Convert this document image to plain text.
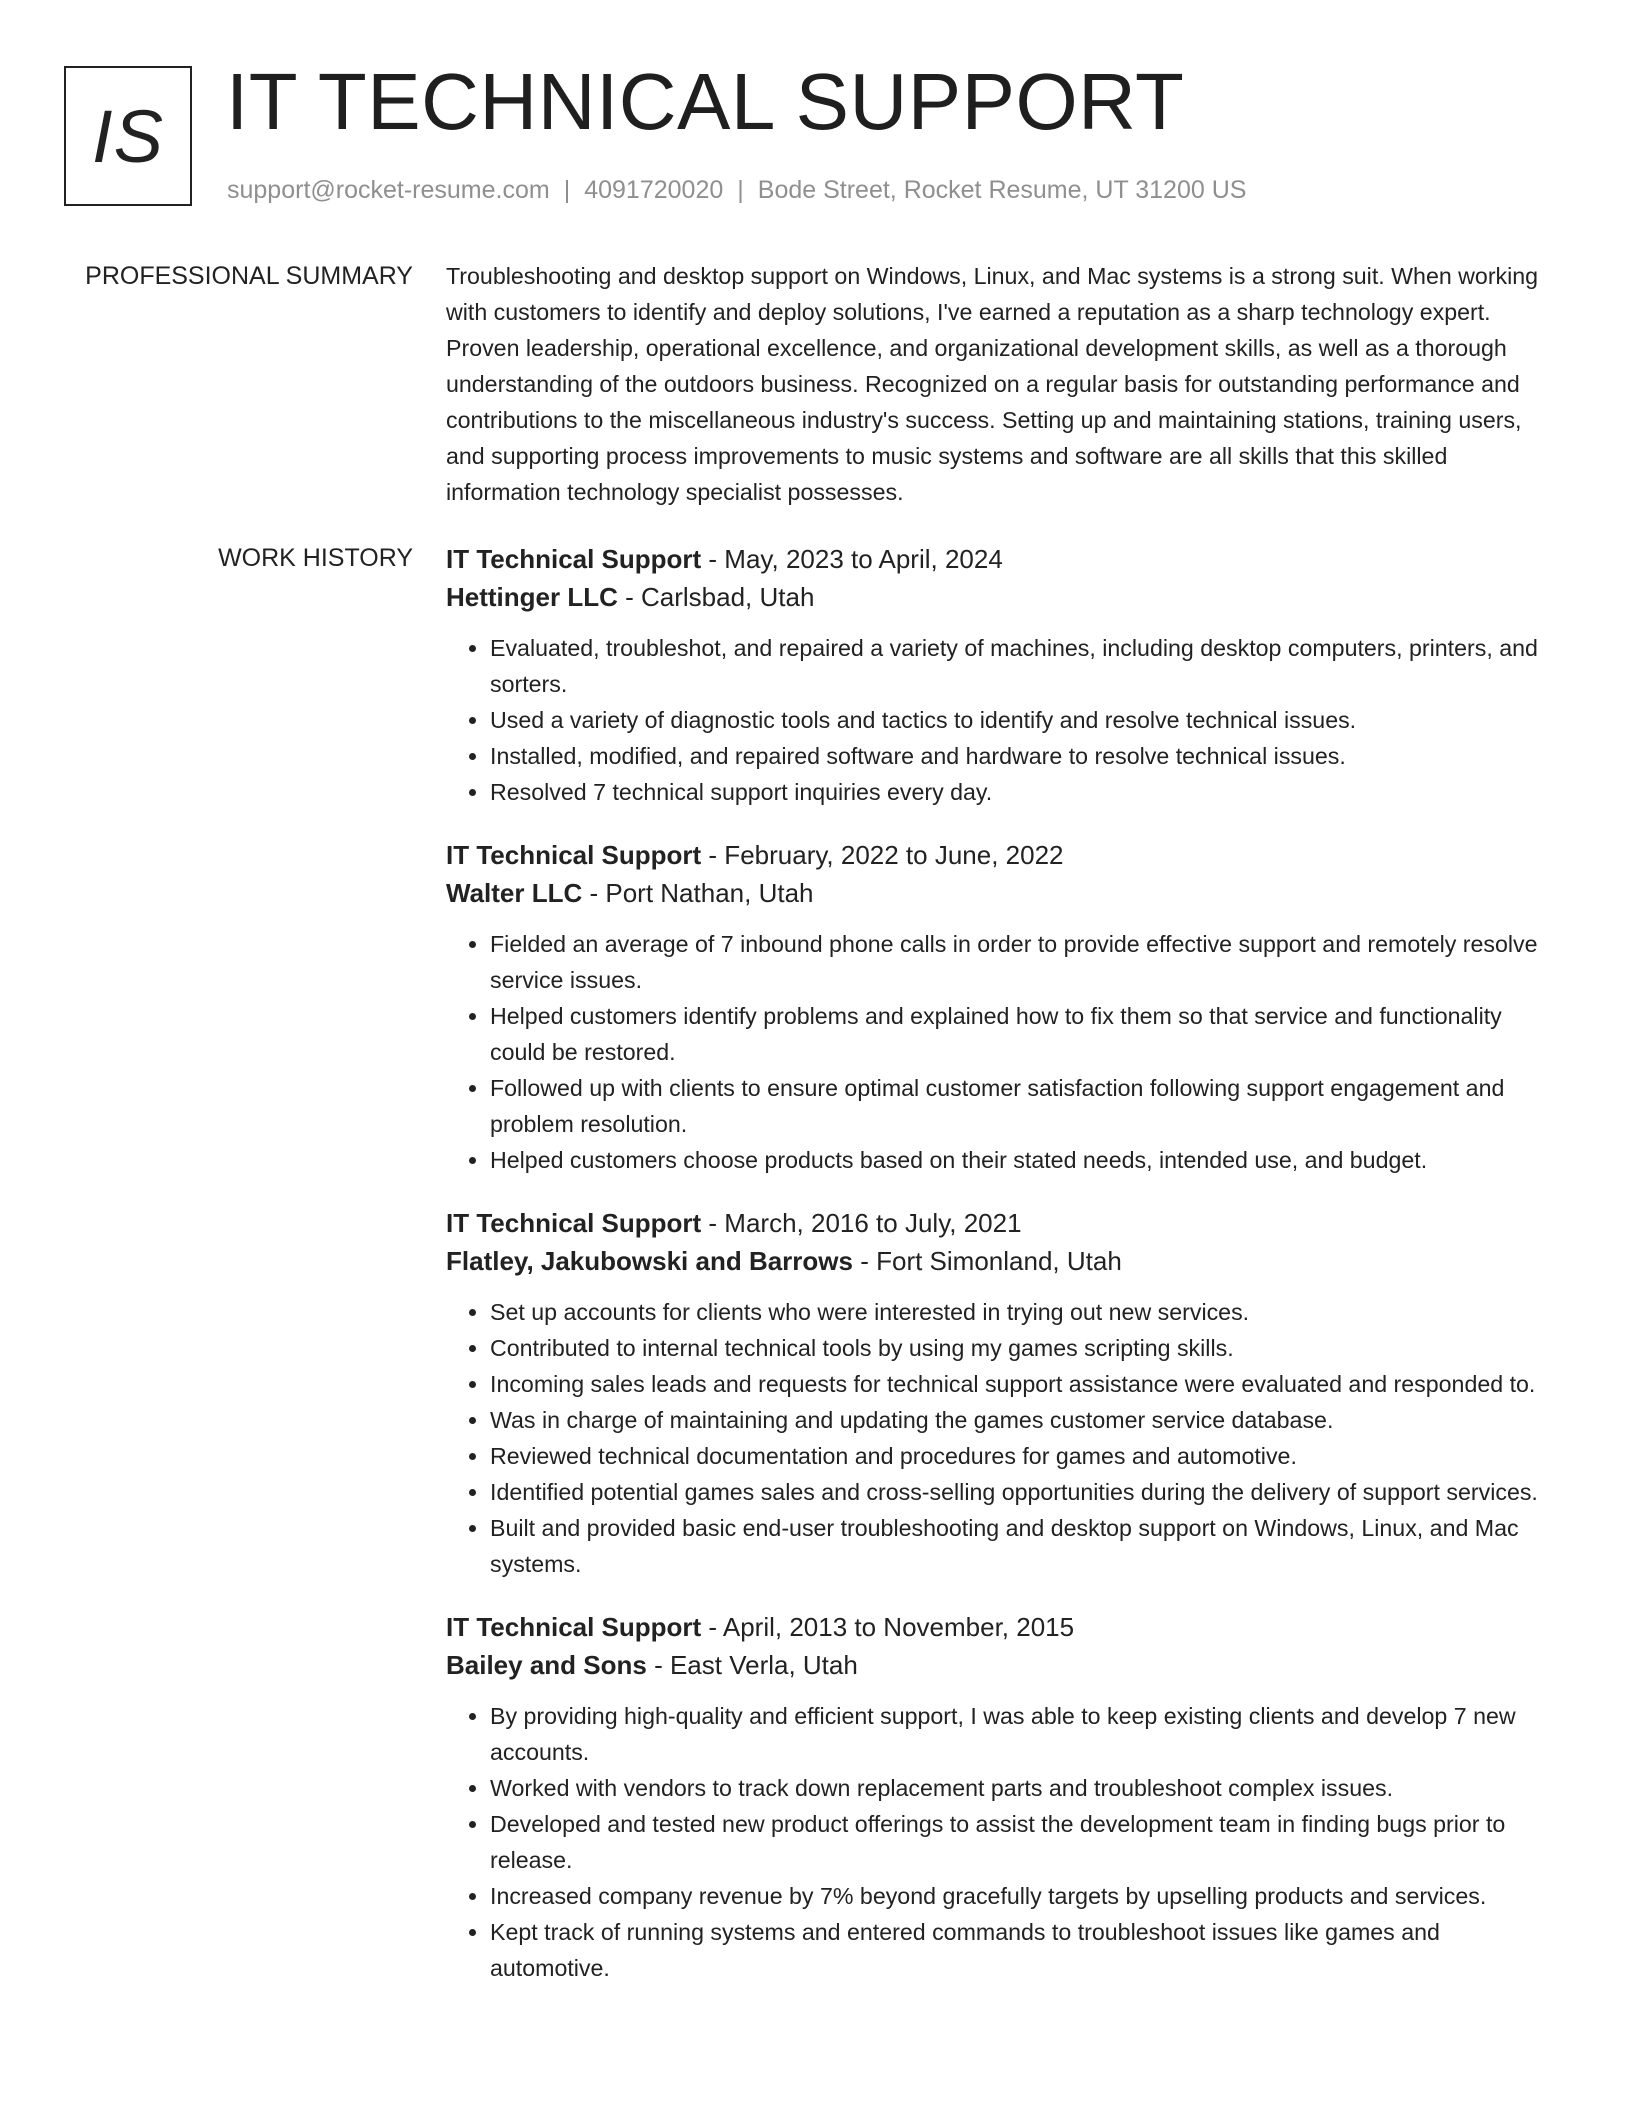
IS IT TECHNICAL SUPPORT
support@rocket-resume.com | 4091720020 | Bode Street, Rocket Resume, UT 31200 US
PROFESSIONAL SUMMARY Troubleshooting and desktop support on Windows, Linux, and Mac systems is a strong suit. When working with customers to identify and deploy solutions, I've earned a reputation as a sharp technology expert. Proven leadership, operational excellence, and organizational development skills, as well as a thorough understanding of the outdoors business. Recognized on a regular basis for outstanding performance and contributions to the miscellaneous industry's success. Setting up and maintaining stations, training users, and supporting process improvements to music systems and software are all skills that this skilled information technology specialist possesses.

WORK HISTORY IT Technical Support - May, 2023 to April, 2024
Hettinger LLC - Carlsbad, Utah
• Evaluated, troubleshot, and repaired a variety of machines, including desktop computers, printers, and sorters.
• Used a variety of diagnostic tools and tactics to identify and resolve technical issues.
• Installed, modified, and repaired software and hardware to resolve technical issues.
• Resolved 7 technical support inquiries every day.
IT Technical Support - February, 2022 to June, 2022
Walter LLC - Port Nathan, Utah
• Fielded an average of 7 inbound phone calls in order to provide effective support and remotely resolve service issues.
• Helped customers identify problems and explained how to fix them so that service and functionality could be restored.
• Followed up with clients to ensure optimal customer satisfaction following support engagement and problem resolution.
• Helped customers choose products based on their stated needs, intended use, and budget.
IT Technical Support - March, 2016 to July, 2021
Flatley, Jakubowski and Barrows - Fort Simonland, Utah
• Set up accounts for clients who were interested in trying out new services.
• Contributed to internal technical tools by using my games scripting skills.
• Incoming sales leads and requests for technical support assistance were evaluated and responded to.
• Was in charge of maintaining and updating the games customer service database.
• Reviewed technical documentation and procedures for games and automotive.
• Identified potential games sales and cross-selling opportunities during the delivery of support services.
• Built and provided basic end-user troubleshooting and desktop support on Windows, Linux, and Mac systems.
IT Technical Support - April, 2013 to November, 2015
Bailey and Sons - East Verla, Utah
• By providing high-quality and efficient support, I was able to keep existing clients and develop 7 new accounts.
• Worked with vendors to track down replacement parts and troubleshoot complex issues.
• Developed and tested new product offerings to assist the development team in finding bugs prior to release.
• Increased company revenue by 7% beyond gracefully targets by upselling products and services.
• Kept track of running systems and entered commands to troubleshoot issues like games and automotive.
